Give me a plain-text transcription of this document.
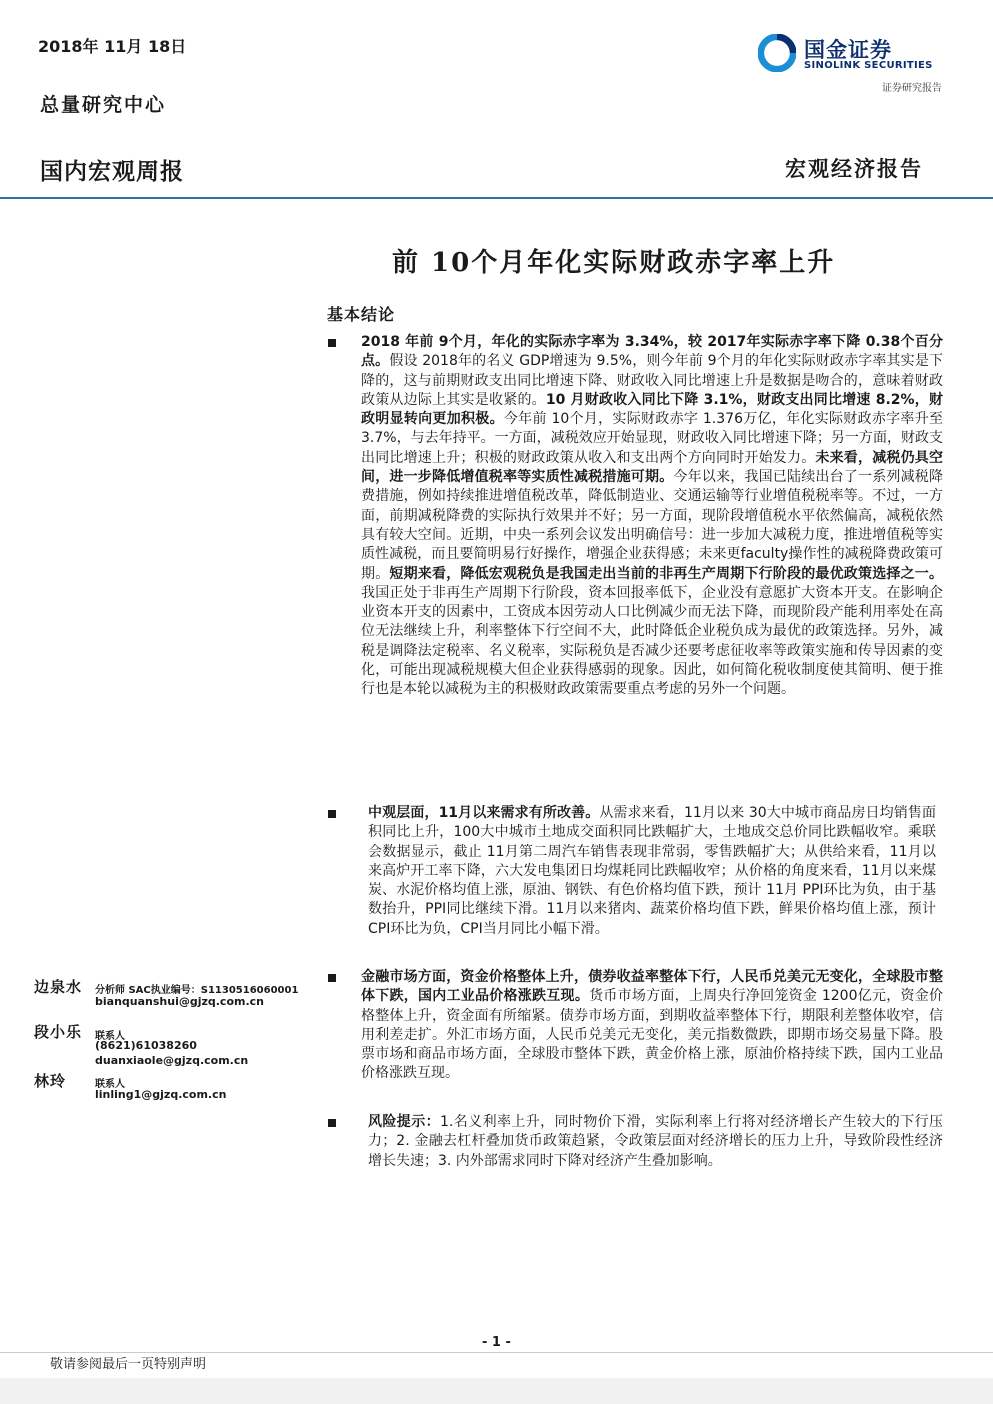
2018年 11月 18日
总量研究中心
国金证券
SINOLINK SECURITIES
证券研究报告
国内宏观周报	宏观经济报告
前 10个月年化实际财政赤字率上升
基本结论
2018 年前 9个月，年化的实际赤字率为 3.34%，较 2017年实际赤字率下降 0.38个百分点。假设 2018年的名义 GDP增速为 9.5%，则今年前 9个月的年化实际财政赤字率其实是下降的，这与前期财政支出同比增速下降、财政收入同比增速上升是数据是吻合的，意味着财政政策从边际上其实是收紧的。10 月财政收入同比下降 3.1%，财政支出同比增速 8.2%，财政明显转向更加积极。今年前 10个月，实际财政赤字 1.376万亿，年化实际财政赤字率升至 3.7%，与去年持平。一方面，减税效应开始显现，财政收入同比增速下降；另一方面，财政支出同比增速上升；积极的财政政策从收入和支出两个方向同时开始发力。未来看，减税仍具空间，进一步降低增值税率等实质性减税措施可期。今年以来，我国已陆续出台了一系列减税降费措施，例如持续推进增值税改革，降低制造业、交通运输等行业增值税税率等。不过，一方面，前期减税降费的实际执行效果并不好；另一方面，现阶段增值税水平依然偏高，减税依然具有较大空间。近期，中央一系列会议发出明确信号：进一步加大减税力度，推进增值税等实质性减税，而且要简明易行好操作，增强企业获得感；未来更faculty操作性的减税降费政策可期。短期来看，降低宏观税负是我国走出当前的非再生产周期下行阶段的最优政策选择之一。我国正处于非再生产周期下行阶段，资本回报率低下，企业没有意愿扩大资本开支。在影响企业资本开支的因素中，工资成本因劳动人口比例减少而无法下降，而现阶段产能利用率处在高位无法继续上升，利率整体下行空间不大，此时降低企业税负成为最优的政策选择。另外，减税是调降法定税率、名义税率，实际税负是否减少还要考虑征收率等政策实施和传导因素的变化，可能出现减税规模大但企业获得感弱的现象。因此，如何简化税收制度使其简明、便于推行也是本轮以减税为主的积极财政政策需要重点考虑的另外一个问题。
中观层面，11月以来需求有所改善。从需求来看，11月以来 30大中城市商品房日均销售面积同比上升，100大中城市土地成交面积同比跌幅扩大，土地成交总价同比跌幅收窄。乘联会数据显示，截止 11月第二周汽车销售表现非常弱，零售跌幅扩大；从供给来看，11月以来高炉开工率下降，六大发电集团日均煤耗同比跌幅收窄；从价格的角度来看，11月以来煤炭、水泥价格均值上涨，原油、钢铁、有色价格均值下跌，预计 11月 PPI环比为负，由于基数抬升，PPI同比继续下滑。11月以来猪肉、蔬菜价格均值下跌，鲜果价格均值上涨，预计 CPI环比为负，CPI当月同比小幅下滑。
金融市场方面，资金价格整体上升，债券收益率整体下行，人民币兑美元无变化，全球股市整体下跌，国内工业品价格涨跌互现。货币市场方面，上周央行净回笼资金 1200亿元，资金价格整体上升，资金面有所缩紧。债券市场方面，到期收益率整体下行，期限利差整体收窄，信用利差走扩。外汇市场方面，人民币兑美元无变化，美元指数微跌，即期市场交易量下降。股票市场和商品市场方面，全球股市整体下跌，黄金价格上涨，原油价格持续下跌，国内工业品价格涨跌互现。
风险提示：1.名义利率上升，同时物价下滑，实际利率上行将对经济增长产生较大的下行压力；2. 金融去杠杆叠加货币政策趋紧，令政策层面对经济增长的压力上升，导致阶段性经济增长失速；3. 内外部需求同时下降对经济产生叠加影响。
边泉水 分析师 SAC执业编号：S1130516060001
bianquanshui@gjzq.com.cn
段小乐 联系人
(8621)61038260
duanxiaole@gjzq.com.cn
林玲	联系人
linling1@gjzq.com.cn
- 1 -
敬请参阅最后一页特别声明
